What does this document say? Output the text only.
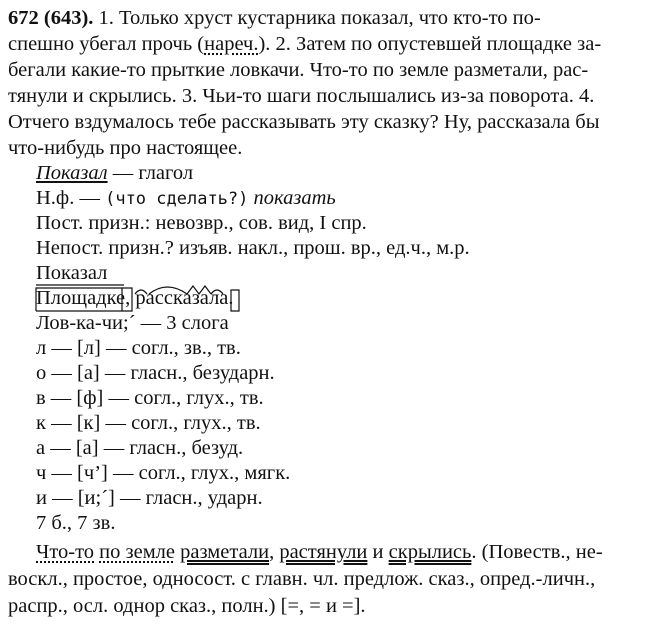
672 (643). 1. Только хруст кустарника показал, что кто-то по-
спешно убегал прочь (нареч.). 2. Затем по опустевшей площадке за-
бегали какие-то прыткие ловкачи. Что-то по земле разметали, рас-
тянули и скрылись. 3. Чьи-то шаги послышались из-за поворота. 4.
Отчего вздумалось тебе рассказывать эту сказку? Ну, рассказала бы
что-нибудь про настоящее.
Показал — глагол
Н.ф. — (что сделать?) показать
Пост. призн.: невозвр., сов. вид, I спр.
Непост. призн.? изъяв. накл., прош. вр., ед.ч., м.р.
Показал
Площадке
, рассказала
.
Лов-ка-чи;´ — 3 слога
л — [л] — согл., зв., тв.
о — [а] — гласн., безударн.
в — [ф] — согл., глух., тв.
к — [к] — согл., глух., тв.
а — [а] — гласн., безуд.
ч — [ч’] — согл., глух., мягк.
и — [и;´] — гласн., ударн.
7 б., 7 зв.
Что-то по земле разметали, растянули и скрылись. (Повеств., не-
воскл., простое, односост. с главн. чл. предлож. сказ., опред.-личн.,
распр., осл. однор сказ., полн.) [=, = и =].
